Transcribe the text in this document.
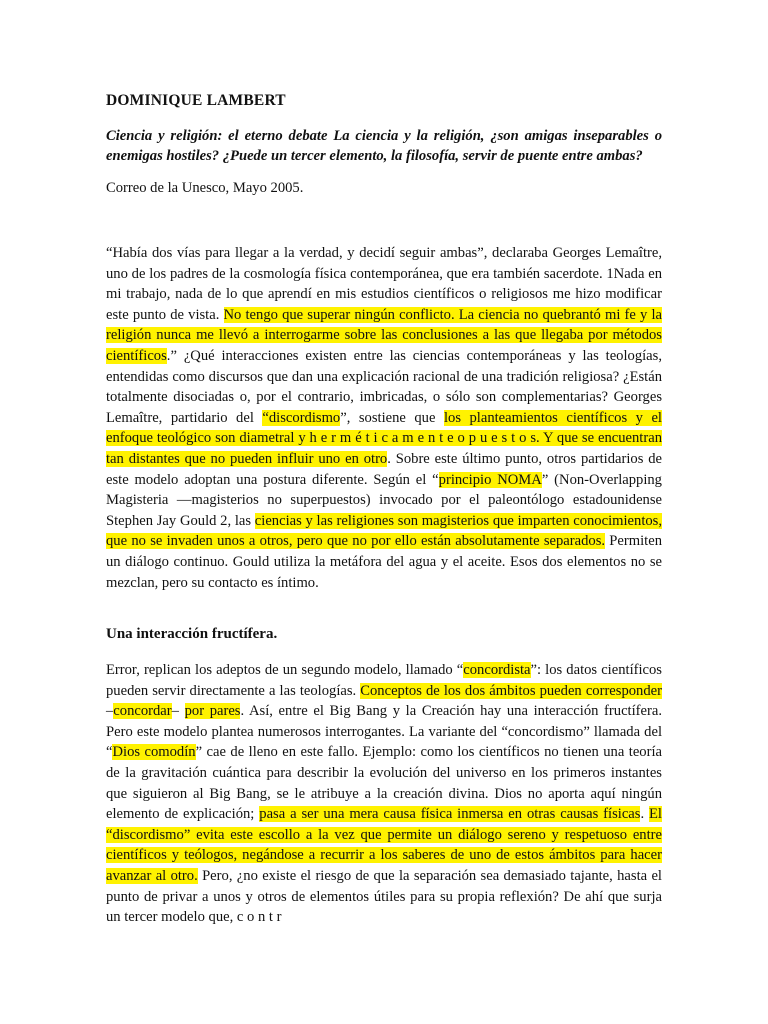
DOMINIQUE LAMBERT

Ciencia y religión: el eterno debate La ciencia y la religión, ¿son amigas inseparables o enemigas hostiles? ¿Puede un tercer elemento, la filosofía, servir de puente entre ambas?

Correo de la Unesco, Mayo 2005.

“Había dos vías para llegar a la verdad, y decidí seguir ambas”, declaraba Georges Lemaître, uno de los padres de la cosmología física contemporánea, que era también sacerdote. 1Nada en mi trabajo, nada de lo que aprendí en mis estudios científicos o religiosos me hizo modificar este punto de vista. No tengo que superar ningún conflicto. La ciencia no quebrantó mi fe y la religión nunca me llevó a interrogarme sobre las conclusiones a las que llegaba por métodos científicos.” ¿Qué interacciones existen entre las ciencias contemporáneas y las teologías, entendidas como discursos que dan una explicación racional de una tradición religiosa? ¿Están totalmente disociadas o, por el contrario, imbricadas, o sólo son complementarias? Georges Lemaître, partidario del “discordismo”, sostiene que los planteamientos científicos y el enfoque teológico son diametral y h e r m é t i c a m e n t e o p u e s t o s. Y que se encuentran tan distantes que no pueden influir uno en otro. Sobre este último punto, otros partidarios de este modelo adoptan una postura diferente. Según el “principio NOMA” (Non-Overlapping Magisteria —magisterios no superpuestos) invocado por el paleontólogo estadounidense Stephen Jay Gould 2, las ciencias y las religiones son magisterios que imparten conocimientos, que no se invaden unos a otros, pero que no por ello están absolutamente separados. Permiten un diálogo continuo. Gould utiliza la metáfora del agua y el aceite. Esos dos elementos no se mezclan, pero su contacto es íntimo.

Una interacción fructífera.

Error, replican los adeptos de un segundo modelo, llamado “concordista”: los datos científicos pueden servir directamente a las teologías. Conceptos de los dos ámbitos pueden corresponder –concordar– por pares. Así, entre el Big Bang y la Creación hay una interacción fructífera. Pero este modelo plantea numerosos interrogantes. La variante del “concordismo” llamada del “Dios comodín” cae de lleno en este fallo. Ejemplo: como los científicos no tienen una teoría de la gravitación cuántica para describir la evolución del universo en los primeros instantes que siguieron al Big Bang, se le atribuye a la creación divina. Dios no aporta aquí ningún elemento de explicación; pasa a ser una mera causa física inmersa en otras causas físicas. El “discordismo” evita este escollo a la vez que permite un diálogo sereno y respetuoso entre científicos y teólogos, negándose a recurrir a los saberes de uno de estos ámbitos para hacer avanzar al otro. Pero, ¿no existe el riesgo de que la separación sea demasiado tajante, hasta el punto de privar a unos y otros de elementos útiles para su propia reflexión? De ahí que surja un tercer modelo que, c o n t r
